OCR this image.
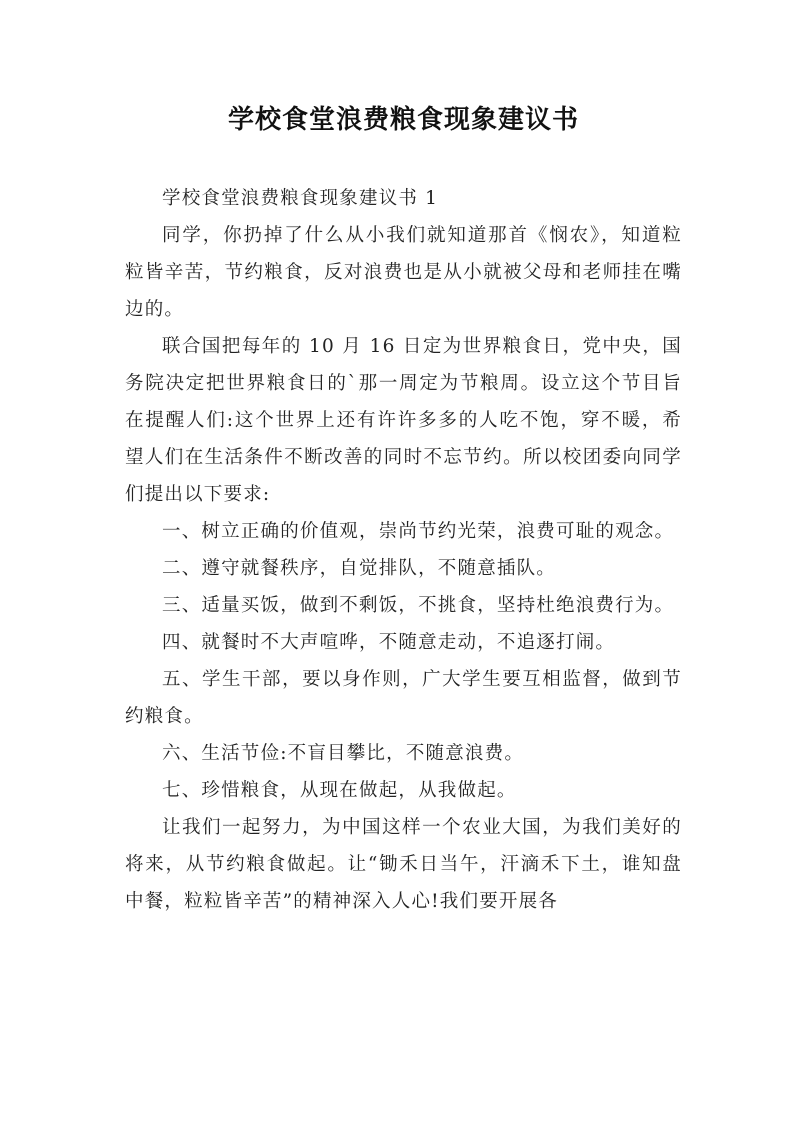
学校食堂浪费粮食现象建议书

学校食堂浪费粮食现象建议书 1

同学，你扔掉了什么从小我们就知道那首《悯农》，知道粒粒皆辛苦，节约粮食，反对浪费也是从小就被父母和老师挂在嘴边的。

联合国把每年的 10 月 16 日定为世界粮食日，党中央，国务院决定把世界粮食日的`那一周定为节粮周。设立这个节目旨在提醒人们:这个世界上还有许许多多的人吃不饱，穿不暖，希望人们在生活条件不断改善的同时不忘节约。所以校团委向同学们提出以下要求:

一、树立正确的价值观，崇尚节约光荣，浪费可耻的观念。

二、遵守就餐秩序，自觉排队，不随意插队。

三、适量买饭，做到不剩饭，不挑食，坚持杜绝浪费行为。

四、就餐时不大声喧哗，不随意走动，不追逐打闹。

五、学生干部，要以身作则，广大学生要互相监督，做到节约粮食。

六、生活节俭:不盲目攀比，不随意浪费。

七、珍惜粮食，从现在做起，从我做起。

让我们一起努力，为中国这样一个农业大国，为我们美好的将来，从节约粮食做起。让“锄禾日当午，汗滴禾下土，谁知盘中餐，粒粒皆辛苦”的精神深入人心!我们要开展各
